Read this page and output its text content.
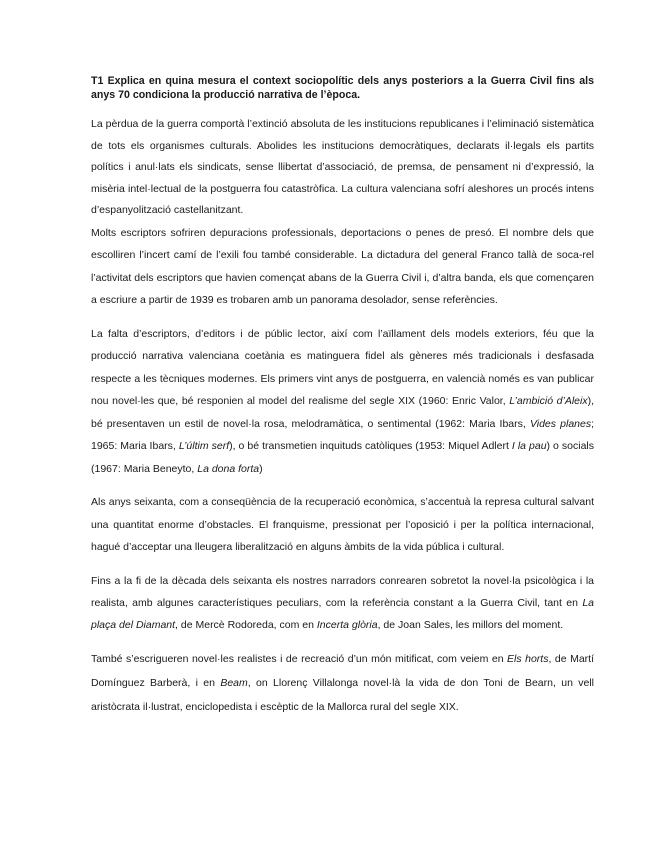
T1 Explica en quina mesura el context sociopolític dels anys posteriors a la Guerra Civil fins als anys 70 condiciona la producció narrativa de l’època.

La pèrdua de la guerra comportà l’extinció absoluta de les institucions republicanes i l’eliminació sistemàtica de tots els organismes culturals. Abolides les institucions democràtiques, declarats il·legals els partits polítics i anul·lats els sindicats, sense llibertat d’associació, de premsa, de pensament ni d’expressió, la misèria intel·lectual de la postguerra fou catastròfica. La cultura valenciana sofrí aleshores un procés intens d’espanyolització castellanitzant.

Molts escriptors sofriren depuracions professionals, deportacions o penes de presó. El nombre dels que escolliren l’incert camí de l’exili fou també considerable. La dictadura del general Franco tallà de soca-rel l’activitat dels escriptors que havien començat abans de la Guerra Civil i, d’altra banda, els que començaren a escriure a partir de 1939 es trobaren amb un panorama desolador, sense referències.

La falta d’escriptors, d’editors i de públic lector, així com l’aïllament dels models exteriors, féu que la producció narrativa valenciana coetània es matinguera fidel als gèneres més tradicionals i desfasada respecte a les tècniques modernes. Els primers vint anys de postguerra, en valencià només es van publicar nou novel·les que, bé responien al model del realisme del segle XIX (1960: Enric Valor, L’ambició d’Aleix), bé presentaven un estil de novel·la rosa, melodramàtica, o sentimental (1962: Maria Ibars, Vides planes; 1965: Maria Ibars, L’últim serf), o bé transmetien inquituds catòliques (1953: Miquel Adlert I la pau) o socials (1967: Maria Beneyto, La dona forta)

Als anys seixanta, com a conseqüència de la recuperació econòmica, s’accentuà la represa cultural salvant una quantitat enorme d’obstacles. El franquisme, pressionat per l’oposició i per la política internacional, hagué d’acceptar una lleugera liberalització en alguns àmbits de la vida pública i cultural.

Fins a la fi de la dècada dels seixanta els nostres narradors conrearen sobretot la novel·la psicològica i la realista, amb algunes característiques peculiars, com la referència constant a la Guerra Civil, tant en La plaça del Diamant, de Mercè Rodoreda, com en Incerta glòria, de Joan Sales, les millors del moment.

També s’escrigueren novel·les realistes i de recreació d’un món mitificat, com veiem en Els horts, de Martí Domínguez Barberà, i en Beam, on Llorenç Villalonga novel·là la vida de don Toni de Bearn, un vell aristòcrata il·lustrat, enciclopedista i escèptic de la Mallorca rural del segle XIX.
